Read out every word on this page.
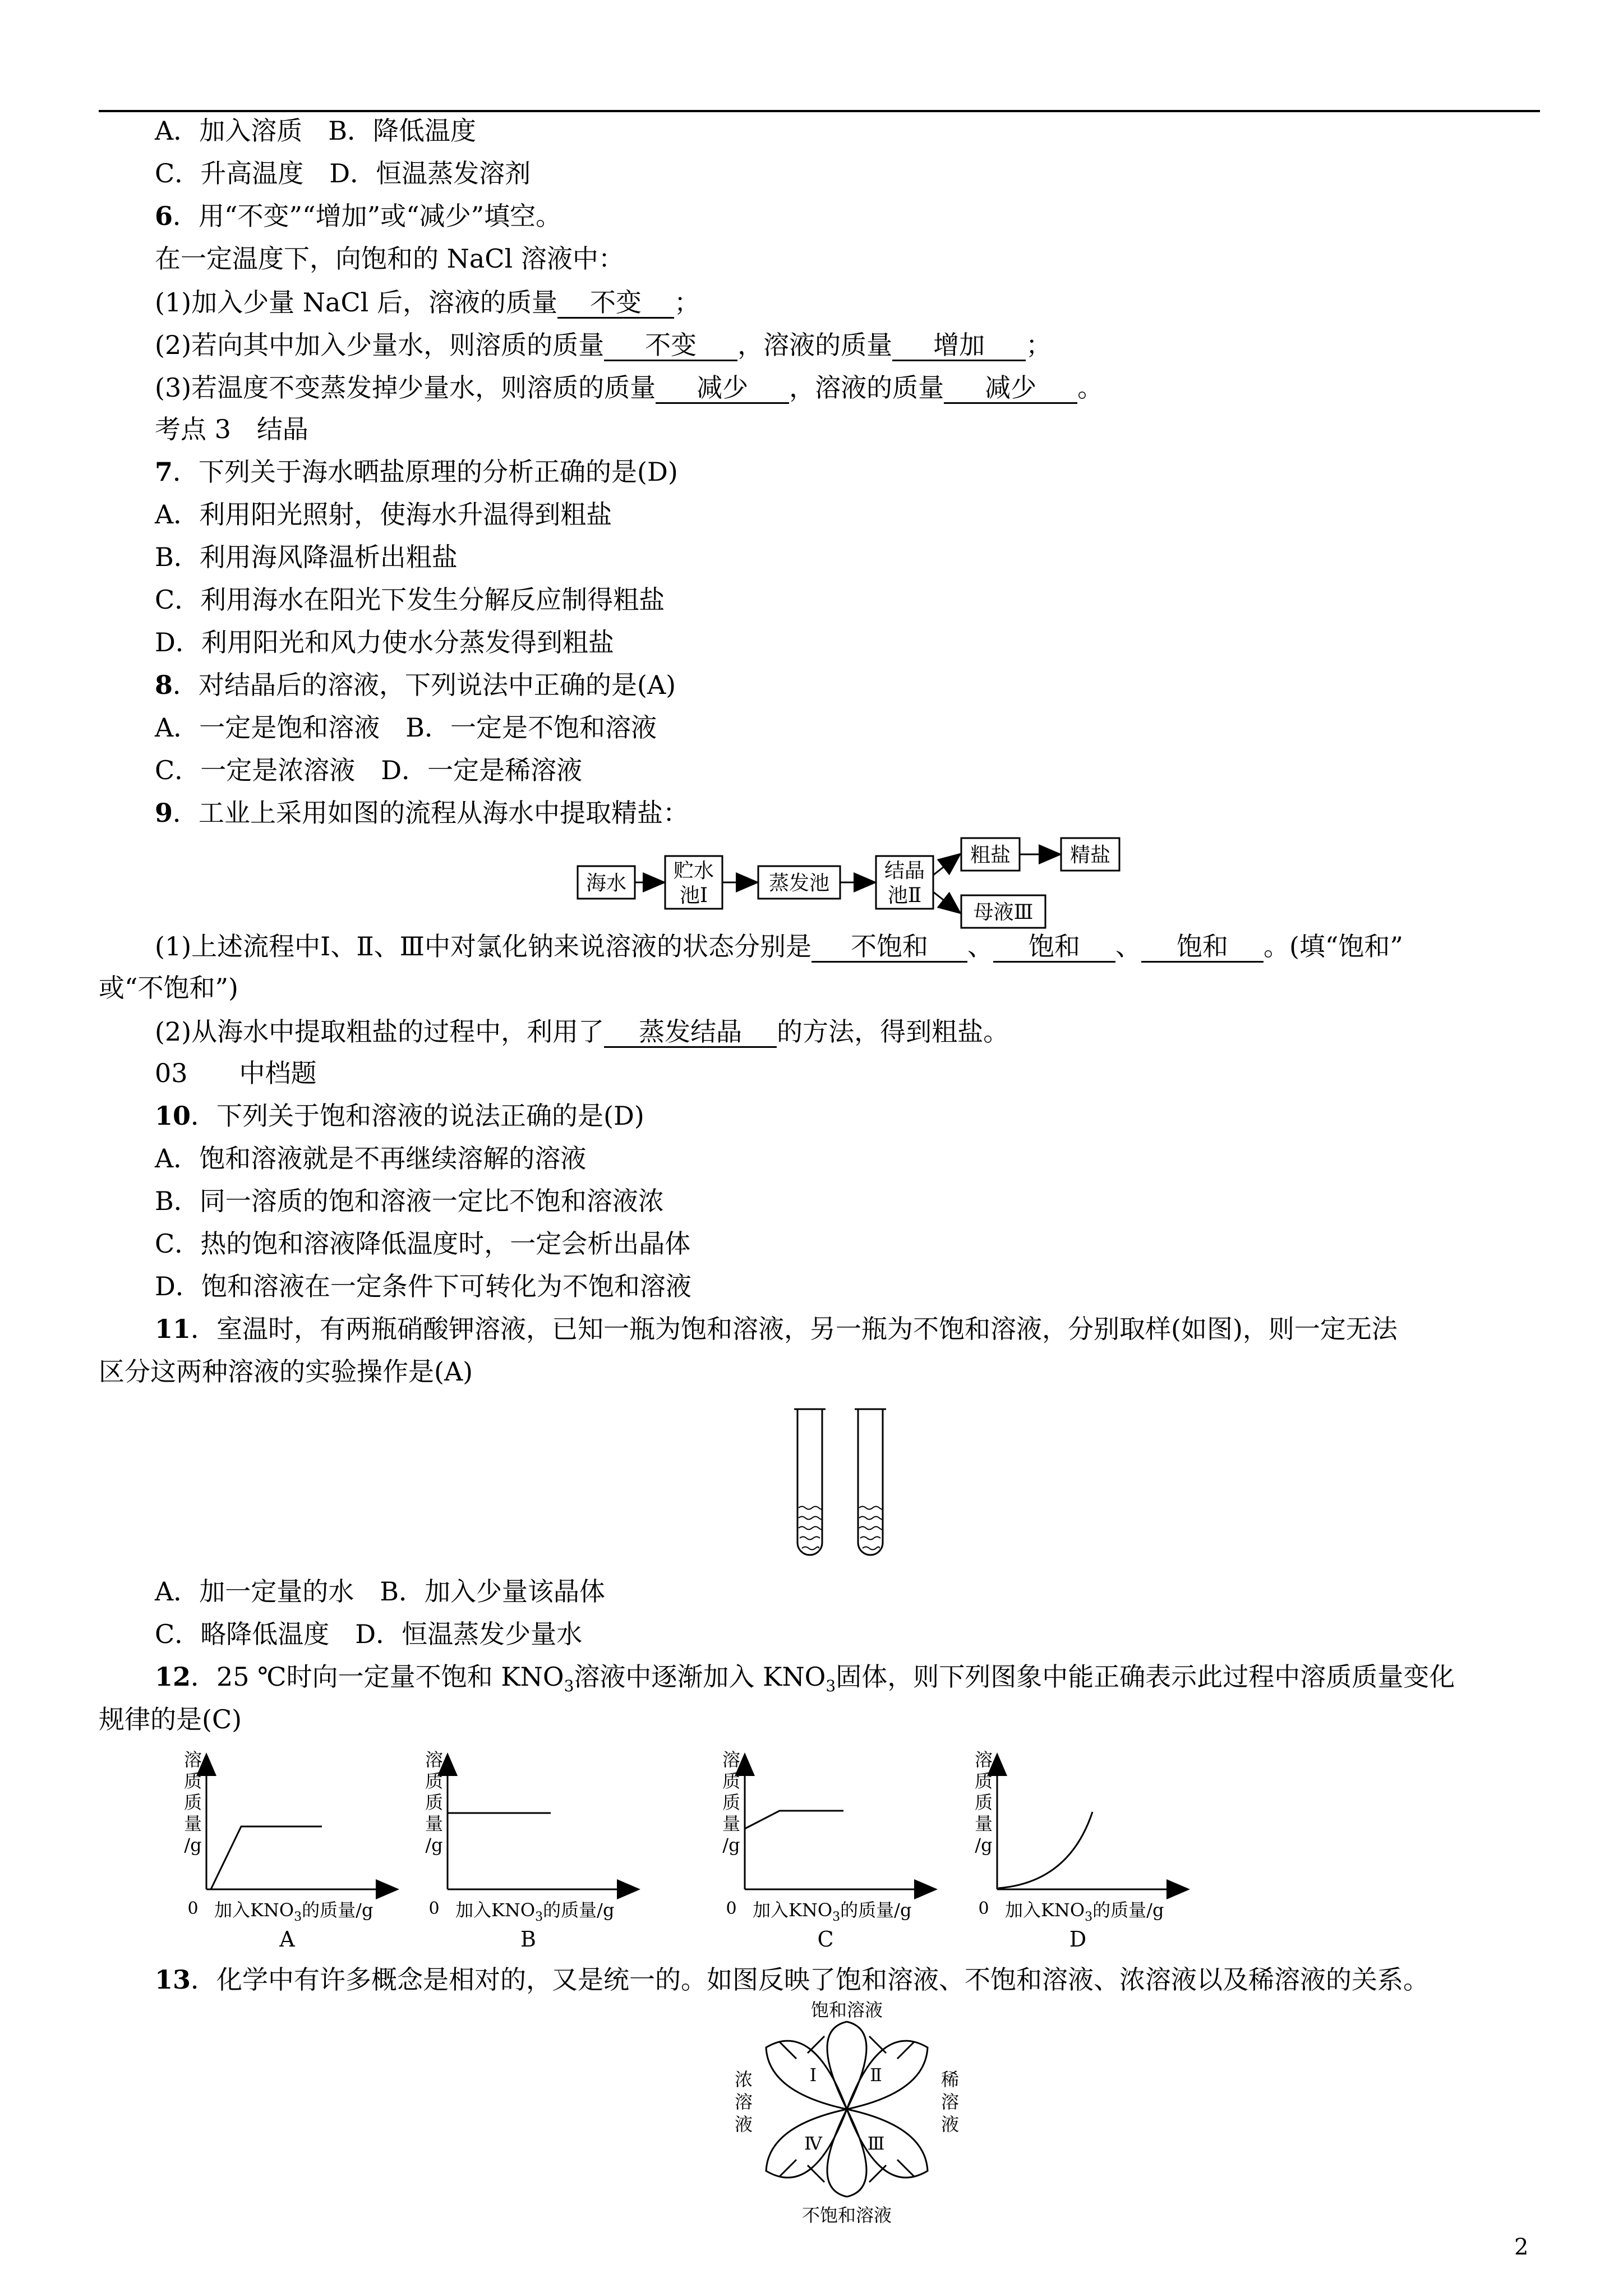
A．加入溶质　 B．降低温度
C．升高温度　 D．恒温蒸发溶剂
6．用“不变”“增加”或“减少”填空。
在一定温度下，向饱和的 NaCl 溶液中：
(1)加入少量 NaCl 后，溶液的质量 不变 ；
(2)若向其中加入少量水，则溶质的质量 不变 ，溶液的质量 增加 ；
(3)若温度不变蒸发掉少量水，则溶质的质量 减少 ，溶液的质量 减少 。
考点 3　结晶
7．下列关于海水晒盐原理的分析正确的是(D)
A．利用阳光照射，使海水升温得到粗盐
B．利用海风降温析出粗盐
C．利用海水在阳光下发生分解反应制得粗盐
D．利用阳光和风力使水分蒸发得到粗盐
8．对结晶后的溶液，下列说法中正确的是(A)
A．一定是饱和溶液　 B．一定是不饱和溶液
C．一定是浓溶液　 D．一定是稀溶液
9．工业上采用如图的流程从海水中提取精盐：
海水
贮水
池Ⅰ
蒸发池
结晶
池Ⅱ
粗盐	精盐
母液Ⅲ
(1)上述流程中Ⅰ、Ⅱ、Ⅲ中对氯化钠来说溶液的状态分别是 不饱和 、 饱和 、 饱和 。(填“饱和”
或“不饱和”)
(2)从海水中提取粗盐的过程中，利用了 蒸发结晶 的方法，得到粗盐。
03　　中档题
10．下列关于饱和溶液的说法正确的是(D)
A．饱和溶液就是不再继续溶解的溶液
B．同一溶质的饱和溶液一定比不饱和溶液浓
C．热的饱和溶液降低温度时，一定会析出晶体
D．饱和溶液在一定条件下可转化为不饱和溶液
11．室温时，有两瓶硝酸钾溶液，已知一瓶为饱和溶液，另一瓶为不饱和溶液，分别取样(如图)，则一定无法
区分这两种溶液的实验操作是(A)
A．加一定量的水　 B．加入少量该晶体
C．略降低温度　 D．恒温蒸发少量水
12．25 ℃时向一定量不饱和 $KNO_3$溶液中逐渐加入 $KNO_3$固体，则下列图象中能正确表示此过程中溶质质量变化
规律的是(C)
溶
质
质
量
/g
0 加入$KNO_3$的质量/g
A
溶
质
质
量
/g
0 加入$KNO_3$的质量/g
B
溶
质
质
量
/g
0 加入$KNO_3$的质量/g
C
溶
质
质
量
/g
0 加入$KNO_3$的质量/g
D
13．化学中有许多概念是相对的，又是统一的。如图反映了饱和溶液、不饱和溶液、浓溶液以及稀溶液的关系。
饱和溶液
不饱和溶液
浓
溶
液
稀
溶
液
Ⅰ	Ⅱ
Ⅲ
Ⅳ
2
